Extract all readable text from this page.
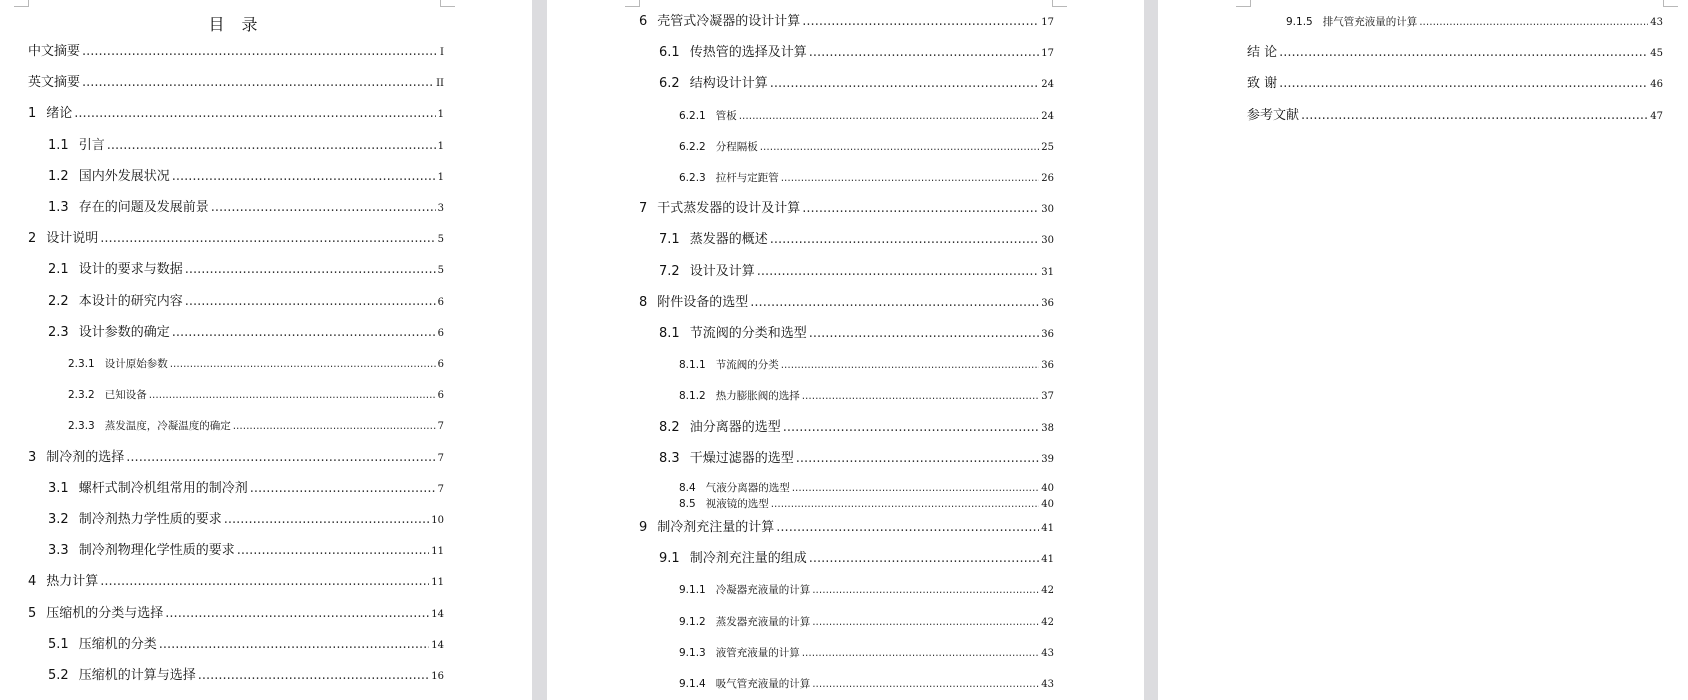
目 录
中文摘要 .....	I
英文摘要 .....	II
1 绪论 .....	1
1.1 引言 .....	1
1.2 国内外发展状况 .....	1
1.3 存在的问题及发展前景 .....	3
2 设计说明 .....	5
2.1 设计的要求与数据 .....	5
2.2 本设计的研究内容 .....	6
2.3 设计参数的确定 .....	6
2.3.1 设计原始参数 .....	6
2.3.2 已知设备 .....	6
2.3.3 蒸发温度，冷凝温度的确定 .....	7
3 制冷剂的选择 .....	7
3.1 螺杆式制冷机组常用的制冷剂 .....	7
3.2 制冷剂热力学性质的要求 .....	10
3.3 制冷剂物理化学性质的要求 .....	11
4 热力计算 .....	11
5 压缩机的分类与选择 .....	14
5.1 压缩机的分类 .....	14
5.2 压缩机的计算与选择 .....	16
6 壳管式冷凝器的设计计算 .....	17
6.1 传热管的选择及计算 .....	17
6.2 结构设计计算 .....	24
6.2.1 管板 .....	24
6.2.2 分程隔板 .....	25
6.2.3 拉杆与定距管 .....	26
7 干式蒸发器的设计及计算 .....	30
7.1 蒸发器的概述 .....	30
7.2 设计及计算 .....	31
8 附件设备的选型 .....	36
8.1 节流阀的分类和选型 .....	36
8.1.1 节流阀的分类 .....	36
8.1.2 热力膨胀阀的选择 .....	37
8.2 油分离器的选型 .....	38
8.3 干燥过滤器的选型 .....	39
8.4 气液分离器的选型 .....	40
8.5 视液镜的选型 .....	40
9 制冷剂充注量的计算 .....	41
9.1 制冷剂充注量的组成 .....	41
9.1.1 冷凝器充液量的计算 .....	42
9.1.2 蒸发器充液量的计算 .....	42
9.1.3 液管充液量的计算 .....	43
9.1.4 吸气管充液量的计算 .....	43
9.1.5 排气管充液量的计算 .....	43
结 论 .....	45
致 谢 .....	46
参考文献 .....	47
